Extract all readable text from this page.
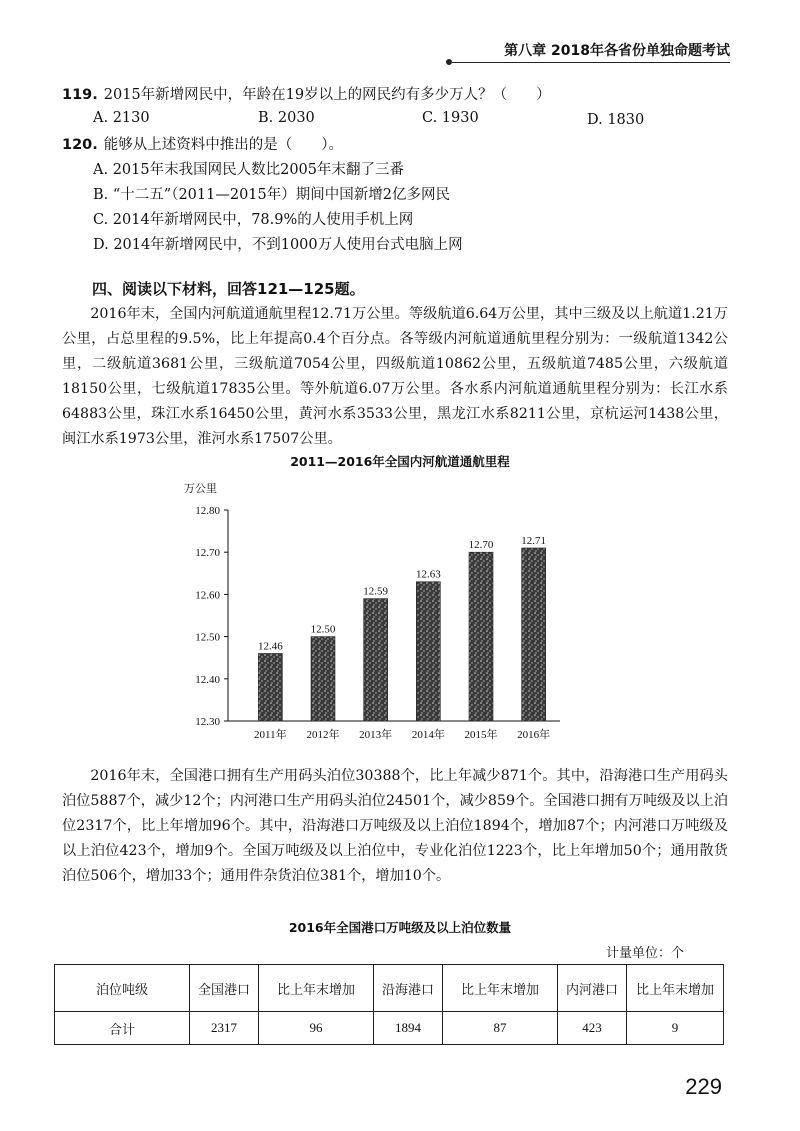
第八章 2018年各省份单独命题考试
119. 2015年新增网民中，年龄在19岁以上的网民约有多少万人？（　　）
A. 2130	B. 2030	C. 1930	D. 1830
120. 能够从上述资料中推出的是（　　）。
A. 2015年末我国网民人数比2005年末翻了三番
B. “十二五”（2011—2015年）期间中国新增2亿多网民
C. 2014年新增网民中，78.9%的人使用手机上网
D. 2014年新增网民中，不到1000万人使用台式电脑上网
四、阅读以下材料，回答121—125题。
2016年末，全国内河航道通航里程12.71万公里。等级航道6.64万公里，其中三级及以上航道1.21万公里，占总里程的9.5%，比上年提高0.4个百分点。各等级内河航道通航里程分别为：一级航道1342公里，二级航道3681公里，三级航道7054公里，四级航道10862公里，五级航道7485公里，六级航道18150公里，七级航道17835公里。等外航道6.07万公里。各水系内河航道通航里程分别为：长江水系64883公里，珠江水系16450公里，黄河水系3533公里，黑龙江水系8211公里，京杭运河1438公里，闽江水系1973公里，淮河水系17507公里。
2011—2016年全国内河航道通航里程
万公里
12.30
12.40
12.50
12.60
12.70
12.80
12.46
12.50
12.59
12.63
12.70	12.71
2011年 2012年 2013年 2014年 2015年 2016年
2016年末，全国港口拥有生产用码头泊位30388个，比上年减少871个。其中，沿海港口生产用码头泊位5887个，减少12个；内河港口生产用码头泊位24501个，减少859个。全国港口拥有万吨级及以上泊位2317个，比上年增加96个。其中，沿海港口万吨级及以上泊位1894个，增加87个；内河港口万吨级及以上泊位423个，增加9个。全国万吨级及以上泊位中，专业化泊位1223个，比上年增加50个；通用散货泊位506个，增加33个；通用件杂货泊位381个，增加10个。
2016年全国港口万吨级及以上泊位数量
计量单位：个
泊位吨级	全国港口	比上年末增加	沿海港口	比上年末增加	内河港口	比上年末增加
合计	2317	96	1894	87	423	9
229
